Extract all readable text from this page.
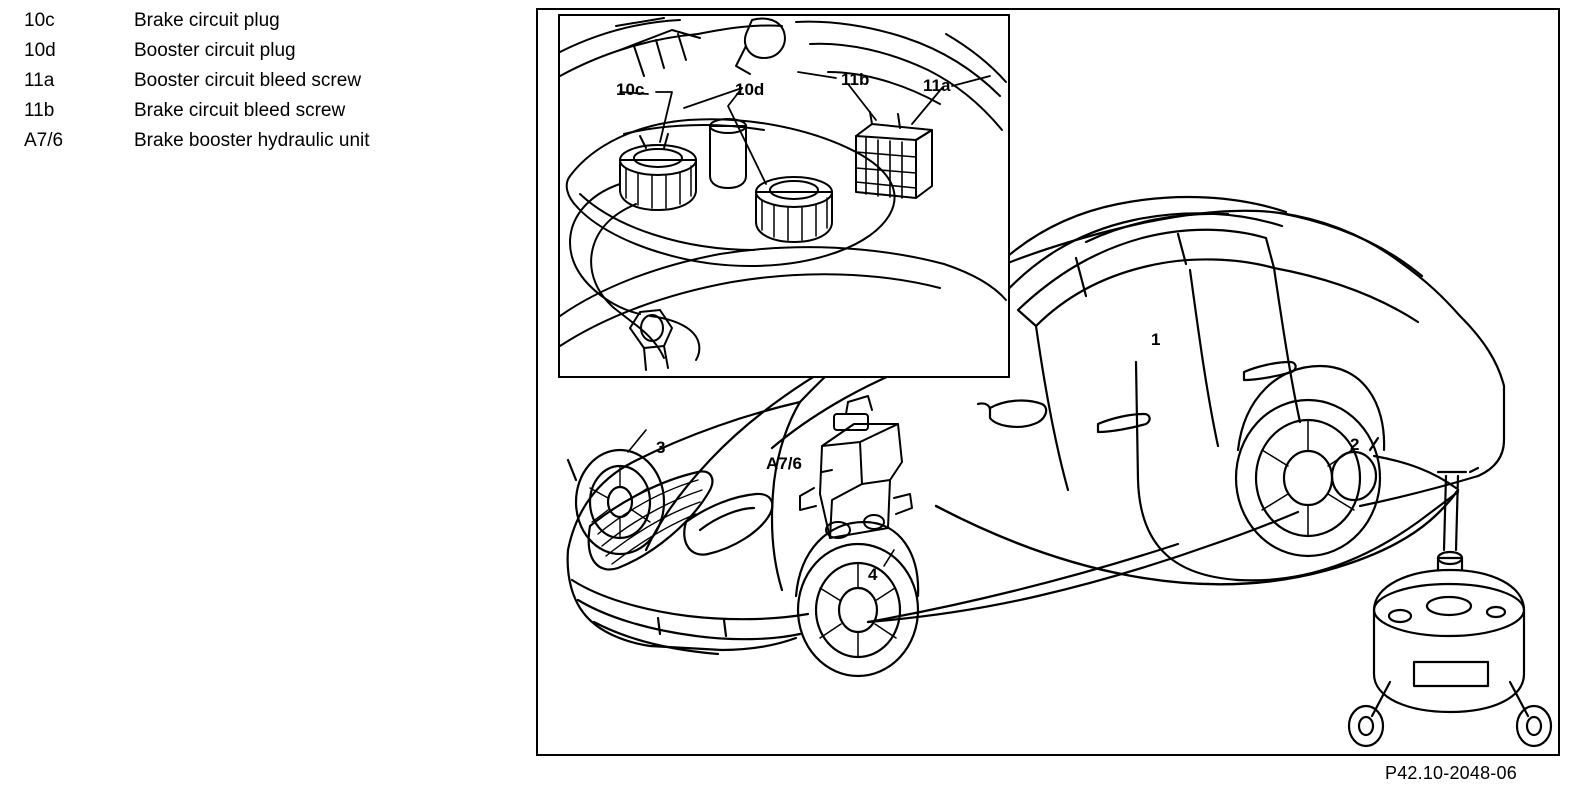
10c	Brake circuit plug
10d	Booster circuit plug
11a	Booster circuit bleed screw
11b	Brake circuit bleed screw
A7/6	Brake booster hydraulic unit
1
2
3
4
A7/6
10c	10d
11b	11a
P42.10-2048-06
